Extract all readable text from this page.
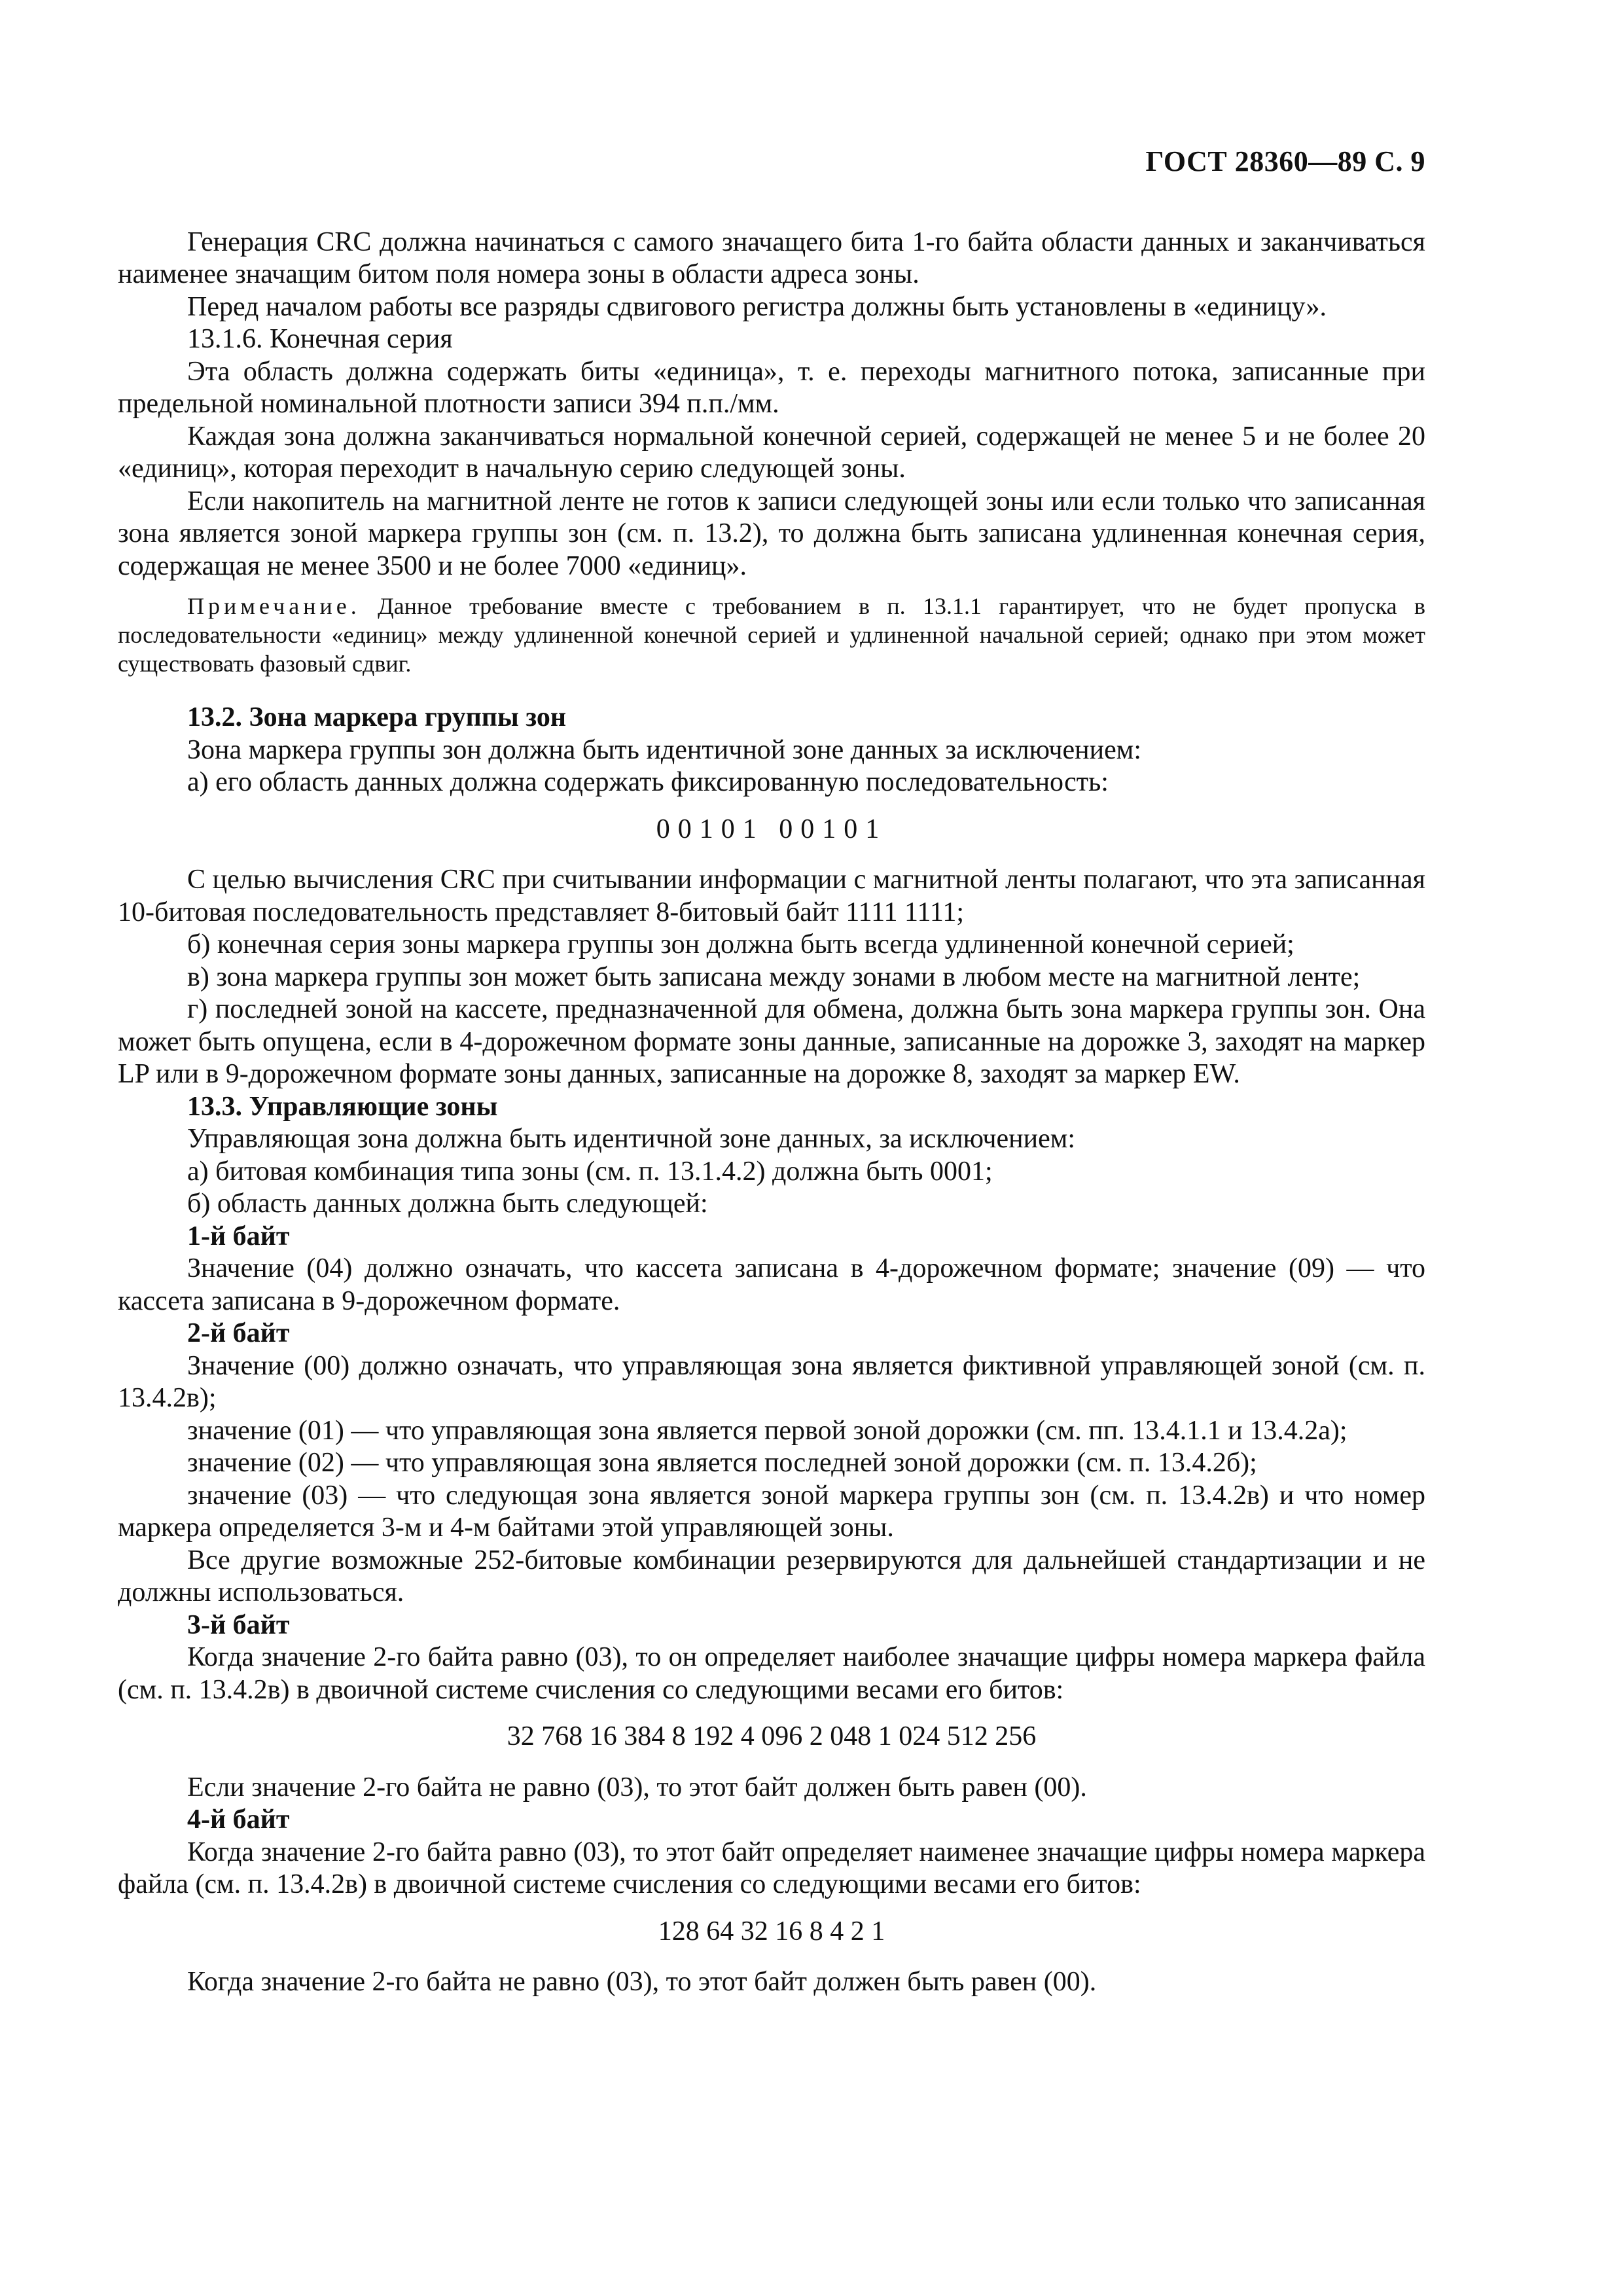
ГОСТ 28360—89 С. 9

Генерация CRC должна начинаться с самого значащего бита 1-го байта области данных и заканчиваться наименее значащим битом поля номера зоны в области адреса зоны.

Перед началом работы все разряды сдвигового регистра должны быть установлены в «единицу».

13.1.6. Конечная серия

Эта область должна содержать биты «единица», т. е. переходы магнитного потока, записанные при предельной номинальной плотности записи 394 п.п./мм.

Каждая зона должна заканчиваться нормальной конечной серией, содержащей не менее 5 и не более 20 «единиц», которая переходит в начальную серию следующей зоны.

Если накопитель на магнитной ленте не готов к записи следующей зоны или если только что записанная зона является зоной маркера группы зон (см. п. 13.2), то должна быть записана удлиненная конечная серия, содержащая не менее 3500 и не более 7000 «единиц».

Примечание. Данное требование вместе с требованием в п. 13.1.1 гарантирует, что не будет пропуска в последовательности «единиц» между удлиненной конечной серией и удлиненной начальной серией; однако при этом может существовать фазовый сдвиг.

13.2. Зона маркера группы зон

Зона маркера группы зон должна быть идентичной зоне данных за исключением:

а) его область данных должна содержать фиксированную последовательность:

00101 00101

С целью вычисления CRC при считывании информации с магнитной ленты полагают, что эта записанная 10-битовая последовательность представляет 8-битовый байт 1111 1111;

б) конечная серия зоны маркера группы зон должна быть всегда удлиненной конечной серией;

в) зона маркера группы зон может быть записана между зонами в любом месте на магнитной ленте;

г) последней зоной на кассете, предназначенной для обмена, должна быть зона маркера группы зон. Она может быть опущена, если в 4-дорожечном формате зоны данные, записанные на дорожке 3, заходят на маркер LP или в 9-дорожечном формате зоны данных, записанные на дорожке 8, заходят за маркер EW.

13.3. Управляющие зоны

Управляющая зона должна быть идентичной зоне данных, за исключением:

а) битовая комбинация типа зоны (см. п. 13.1.4.2) должна быть 0001;

б) область данных должна быть следующей:

1-й байт

Значение (04) должно означать, что кассета записана в 4-дорожечном формате; значение (09) — что кассета записана в 9-дорожечном формате.

2-й байт

Значение (00) должно означать, что управляющая зона является фиктивной управляющей зоной (см. п. 13.4.2в);

значение (01) — что управляющая зона является первой зоной дорожки (см. пп. 13.4.1.1 и 13.4.2а);

значение (02) — что управляющая зона является последней зоной дорожки (см. п. 13.4.2б);

значение (03) — что следующая зона является зоной маркера группы зон (см. п. 13.4.2в) и что номер маркера определяется 3-м и 4-м байтами этой управляющей зоны.

Все другие возможные 252-битовые комбинации резервируются для дальнейшей стандартизации и не должны использоваться.

3-й байт

Когда значение 2-го байта равно (03), то он определяет наиболее значащие цифры номера маркера файла (см. п. 13.4.2в) в двоичной системе счисления со следующими весами его битов:

32 768 16 384 8 192 4 096 2 048 1 024 512 256

Если значение 2-го байта не равно (03), то этот байт должен быть равен (00).

4-й байт

Когда значение 2-го байта равно (03), то этот байт определяет наименее значащие цифры номера маркера файла (см. п. 13.4.2в) в двоичной системе счисления со следующими весами его битов:

128 64 32 16 8 4 2 1

Когда значение 2-го байта не равно (03), то этот байт должен быть равен (00).
